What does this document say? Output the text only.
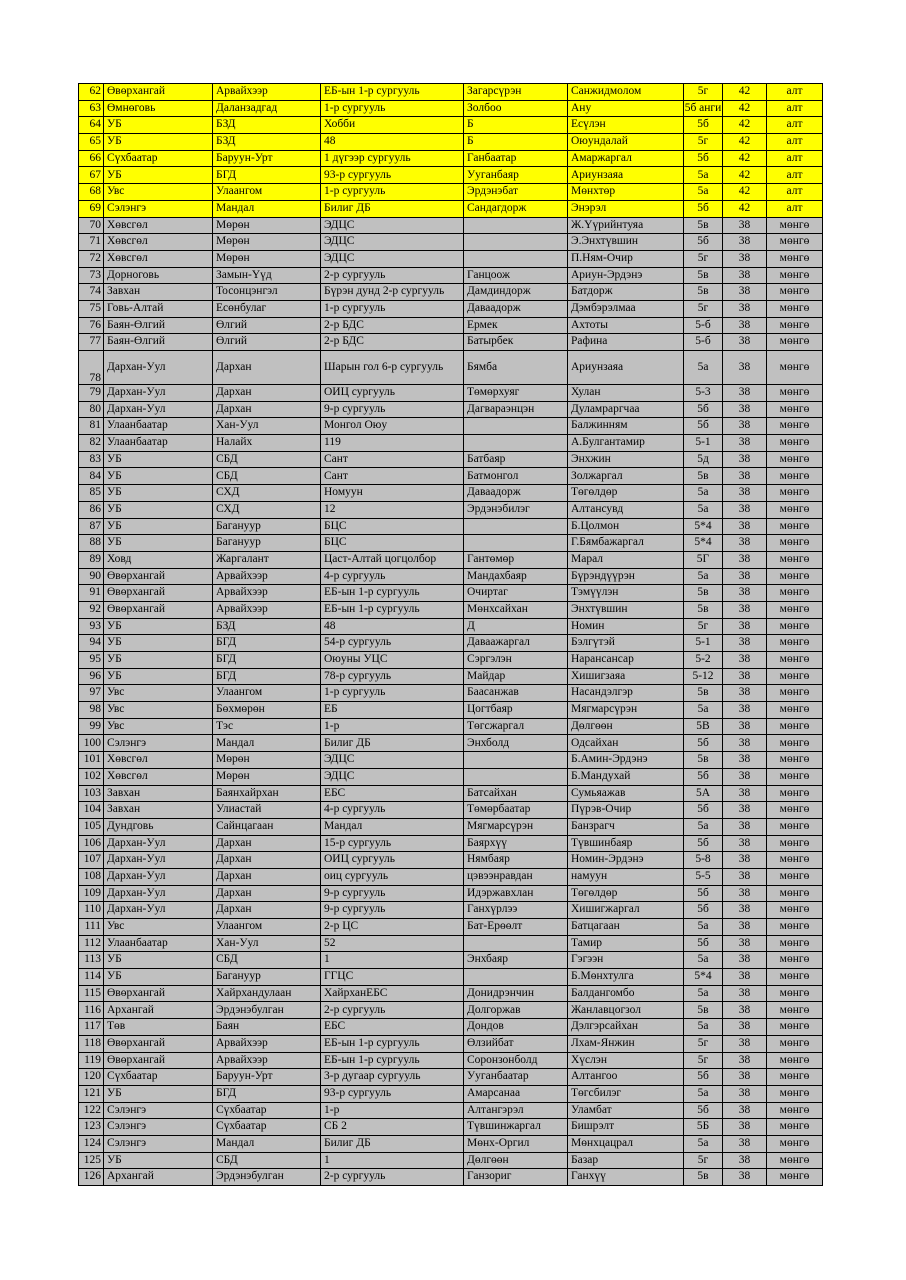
62	Өвөрхангай	Арвайхээр	ЕБ-ын 1-р сургууль	Загарсүрэн	Санжидмолом	5г	42	алт
63	Өмнөговь	Даланзадгад	1-р сургууль	Золбоо	Ану	5б анги	42	алт
64	УБ	БЗД	Хобби	Б	Есүлэн	5б	42	алт
65	УБ	БЗД	48	Б	Оюундалай	5г	42	алт
66	Сүхбаатар	Баруун-Урт	1 дүгээр сургууль	Ганбаатар	Амаржаргал	5б	42	алт
67	УБ	БГД	93-р сургууль	Ууганбаяр	Ариунзаяа	5а	42	алт
68	Увс	Улаангом	1-р сургууль	Эрдэнэбат	Мөнхтөр	5а	42	алт
69	Сэлэнгэ	Мандал	Билиг ДБ	Сандагдорж	Энэрэл	5б	42	алт
70	Хөвсгөл	Мөрөн	ЭДЦС		Ж.Үүрийнтуяа	5в	38	мөнгө
71	Хөвсгөл	Мөрөн	ЭДЦС		Э.Энхтүвшин	5б	38	мөнгө
72	Хөвсгөл	Мөрөн	ЭДЦС		П.Ням-Очир	5г	38	мөнгө
73	Дорноговь	Замын-Үүд	2-р сургууль	Ганцоож	Ариун-Эрдэнэ	5в	38	мөнгө
74	Завхан	Тосонцэнгэл	Бүрэн дунд 2-р сургууль	Дамдиндорж	Батдорж	5в	38	мөнгө
75	Говь-Алтай	Есөнбулаг	1-р сургууль	Даваадорж	Дэмбэрэлмаа	5г	38	мөнгө
76	Баян-Өлгий	Өлгий	2-р БДС	Ермек	Ахтоты	5-б	38	мөнгө
77	Баян-Өлгий	Өлгий	2-р БДС	Батырбек	Рафина	5-б	38	мөнгө
78	Дархан-Уул	Дархан	Шарын гол 6-р сургууль	Бямба	Ариунзаяа	5а	38	мөнгө
79	Дархан-Уул	Дархан	ОИЦ сургууль	Төмөрхуяг	Хулан	5-3	38	мөнгө
80	Дархан-Уул	Дархан	9-р сургууль	Дагвараэнцэн	Дуламраргчаа	5б	38	мөнгө
81	Улаанбаатар	Хан-Уул	Монгол Оюу		Балжинням	5б	38	мөнгө
82	Улаанбаатар	Налайх	119		А.Булгантамир	5-1	38	мөнгө
83	УБ	СБД	Сант	Батбаяр	Энхжин	5д	38	мөнгө
84	УБ	СБД	Сант	Батмонгол	Золжаргал	5в	38	мөнгө
85	УБ	СХД	Номуун	Даваадорж	Төгөлдөр	5а	38	мөнгө
86	УБ	СХД	12	Эрдэнэбилэг	Алтансувд	5а	38	мөнгө
87	УБ	Багануур	БЦС		Б.Цолмон	5*4	38	мөнгө
88	УБ	Багануур	БЦС		Г.Бямбажаргал	5*4	38	мөнгө
89	Ховд	Жаргалант	Цаст-Алтай цогцолбор	Гантөмөр	Марал	5Г	38	мөнгө
90	Өвөрхангай	Арвайхээр	4-р сургууль	Мандахбаяр	Бүрэндүүрэн	5а	38	мөнгө
91	Өвөрхангай	Арвайхээр	ЕБ-ын 1-р сургууль	Очиртаг	Тэмүүлэн	5в	38	мөнгө
92	Өвөрхангай	Арвайхээр	ЕБ-ын 1-р сургууль	Мөнхсайхан	Энхтүвшин	5в	38	мөнгө
93	УБ	БЗД	48	Д	Номин	5г	38	мөнгө
94	УБ	БГД	54-р сургууль	Даваажаргал	Бэлгүтэй	5-1	38	мөнгө
95	УБ	БГД	Оюуны УЦС	Сэргэлэн	Наранcансар	5-2	38	мөнгө
96	УБ	БГД	78-р сургууль	Майдар	Хишигзаяа	5-12	38	мөнгө
97	Увс	Улаангом	1-р сургууль	Баасанжав	Насандэлгэр	5в	38	мөнгө
98	Увс	Бөхмөрөн	ЕБ	Цогтбаяр	Мягмарсүрэн	5а	38	мөнгө
99	Увс	Тэс	1-р	Төгсжаргал	Дөлгөөн	5В	38	мөнгө
100	Сэлэнгэ	Мандал	Билиг ДБ	Энхболд	Одсайхан	5б	38	мөнгө
101	Хөвсгөл	Мөрөн	ЭДЦС		Б.Амин-Эрдэнэ	5в	38	мөнгө
102	Хөвсгөл	Мөрөн	ЭДЦС		Б.Мандухай	5б	38	мөнгө
103	Завхан	Баянхайрхан	ЕБС	Батсайхан	Сумьяажав	5А	38	мөнгө
104	Завхан	Улиастай	4-р сургууль	Төмөрбаатар	Пүрэв-Очир	5б	38	мөнгө
105	Дундговь	Сайнцагаан	Мандал	Мягмарсүрэн	Банзрагч	5а	38	мөнгө
106	Дархан-Уул	Дархан	15-р сургууль	Баярхүү	Түвшинбаяр	5б	38	мөнгө
107	Дархан-Уул	Дархан	ОИЦ сургууль	Нямбаяр	Номин-Эрдэнэ	5-8	38	мөнгө
108	Дархан-Уул	Дархан	оиц сургууль	цэвээнравдан	намуун	5-5	38	мөнгө
109	Дархан-Уул	Дархан	9-р сургууль	Идэржавхлан	Төгөлдөр	5б	38	мөнгө
110	Дархан-Уул	Дархан	9-р сургууль	Ганхүрлээ	Хишигжаргал	5б	38	мөнгө
111	Увс	Улаангом	2-р ЦС	Бат-Ерөөлт	Батцагаан	5а	38	мөнгө
112	Улаанбаатар	Хан-Уул	52		Тамир	5б	38	мөнгө
113	УБ	СБД	1	Энхбаяр	Гэгээн	5а	38	мөнгө
114	УБ	Багануур	ГГЦС		Б.Мөнхтулга	5*4	38	мөнгө
115	Өвөрхангай	Хайрхандулаан	ХайрханЕБС	Донидрэнчин	Балдангомбо	5а	38	мөнгө
116	Архангай	Эрдэнэбулган	2-р сургууль	Долгоржав	Жанлавцогзол	5в	38	мөнгө
117	Төв	Баян	ЕБС	Дондов	Дэлгэрсайхан	5а	38	мөнгө
118	Өвөрхангай	Арвайхээр	ЕБ-ын 1-р сургууль	Өлзийбат	Лхам-Янжин	5г	38	мөнгө
119	Өвөрхангай	Арвайхээр	ЕБ-ын 1-р сургууль	Соронзонболд	Хүслэн	5г	38	мөнгө
120	Сүхбаатар	Баруун-Урт	3-р дугаар сургууль	Ууганбаатар	Алтангоо	5б	38	мөнгө
121	УБ	БГД	93-р сургууль	Амарсанаа	Төгсбилэг	5а	38	мөнгө
122	Сэлэнгэ	Сүхбаатар	1-р	Алтангэрэл	Уламбат	5б	38	мөнгө
123	Сэлэнгэ	Сүхбаатар	СБ 2	Түвшинжаргал	Бишрэлт	5Б	38	мөнгө
124	Сэлэнгэ	Мандал	Билиг ДБ	Мөнх-Оргил	Мөнхцацрал	5а	38	мөнгө
125	УБ	СБД	1	Дөлгөөн	Базар	5г	38	мөнгө
126	Архангай	Эрдэнэбулган	2-р сургууль	Ганзориг	Ганхүү	5в	38	мөнгө
